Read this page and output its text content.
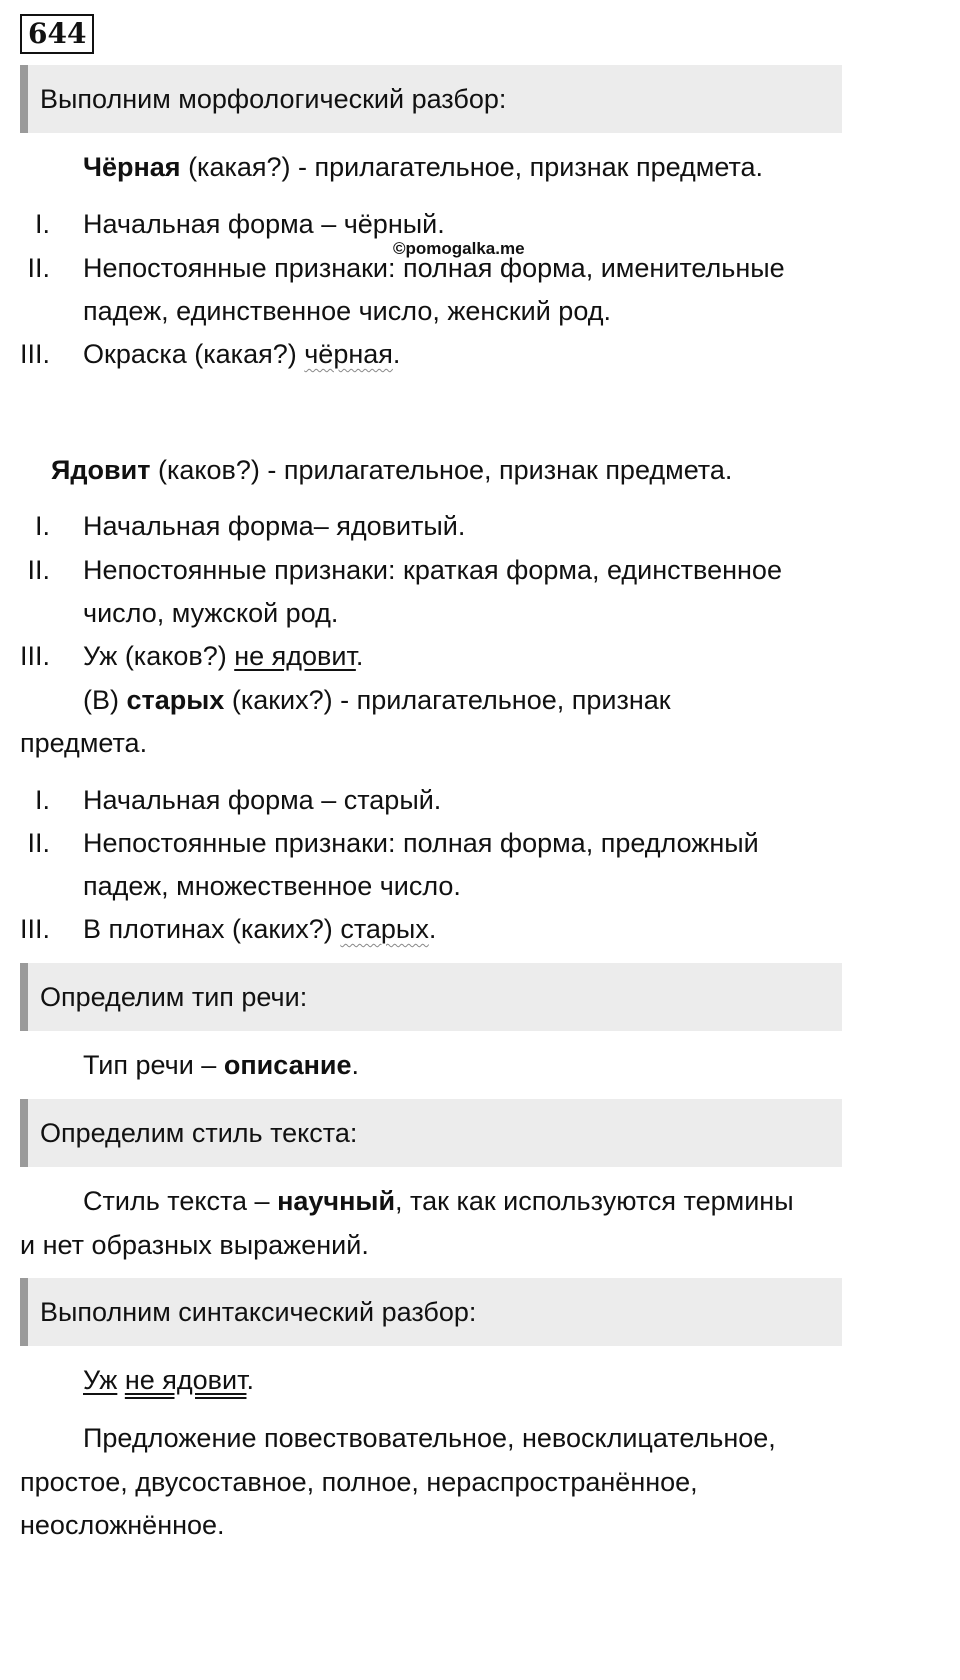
644
Выполним морфологический разбор:
Чёрная (какая?) - прилагательное, признак предмета.
I. Начальная форма – чёрный.
©pomogalka.me
II. Непостоянные признаки: полная форма, именительные
падеж, единственное число, женский род.
III. Окраска (какая?) чёрная.
Ядовит (каков?) - прилагательное, признак предмета.
I. Начальная форма– ядовитый.
II. Непостоянные признаки: краткая форма, единственное
число, мужской род.
III. Уж (каков?) не ядовит.
(В) старых (каких?) - прилагательное, признак
предмета.
I. Начальная форма – старый.
II. Непостоянные признаки: полная форма, предложный
падеж, множественное число.
III. В плотинах (каких?) старых.
Определим тип речи:
Тип речи – описание.
Определим стиль текста:
Стиль текста – научный, так как используются термины
и нет образных выражений.
Выполним синтаксический разбор:
Уж не ядовит.
Предложение повествовательное, невосклицательное,
простое, двусоставное, полное, нераспространённое,
неосложнённое.
